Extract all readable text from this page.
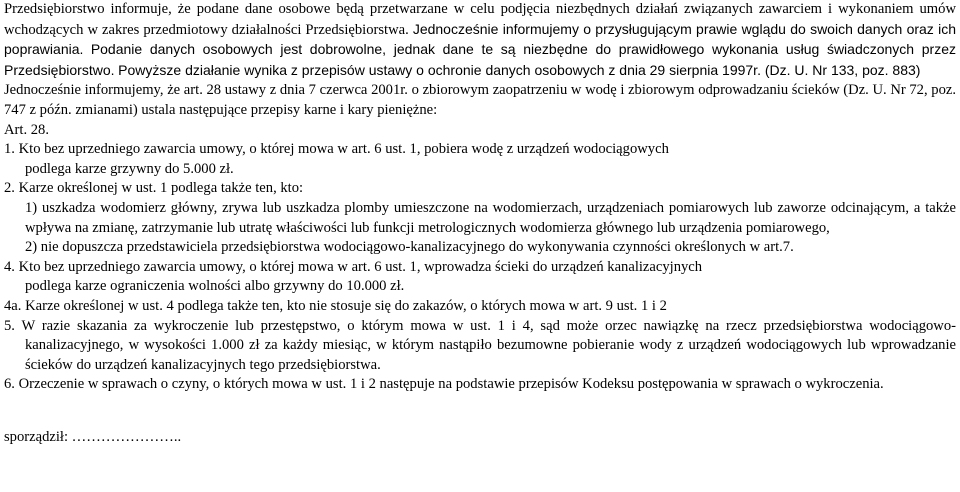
Przedsiębiorstwo informuje, że podane dane osobowe będą przetwarzane w celu podjęcia niezbędnych działań związanych zawarciem i wykonaniem umów wchodzących w zakres przedmiotowy działalności Przedsiębiorstwa. Jednocześnie informujemy o przysługującym prawie wglądu do swoich danych oraz ich poprawiania. Podanie danych osobowych jest dobrowolne, jednak dane te są niezbędne do prawidłowego wykonania usług świadczonych przez Przedsiębiorstwo. Powyższe działanie wynika z przepisów ustawy o ochronie danych osobowych z dnia 29 sierpnia 1997r. (Dz. U. Nr 133, poz. 883)

Jednocześnie informujemy, że art. 28 ustawy z dnia 7 czerwca 2001r. o zbiorowym zaopatrzeniu w wodę i zbiorowym odprowadzaniu ścieków (Dz. U. Nr 72, poz. 747 z późn. zmianami) ustala następujące przepisy karne i kary pieniężne:

Art. 28.

1. Kto bez uprzedniego zawarcia umowy, o której mowa w art. 6 ust. 1, pobiera wodę z urządzeń wodociągowych

podlega karze grzywny do 5.000 zł.

2. Karze określonej w ust. 1 podlega także ten, kto:

1) uszkadza wodomierz główny, zrywa lub uszkadza plomby umieszczone na wodomierzach, urządzeniach pomiarowych lub zaworze odcinającym, a także wpływa na zmianę, zatrzymanie lub utratę właściwości lub funkcji metrologicznych wodomierza głównego lub urządzenia pomiarowego,

2) nie dopuszcza przedstawiciela przedsiębiorstwa wodociągowo-kanalizacyjnego do wykonywania czynności określonych w art.7.

4. Kto bez uprzedniego zawarcia umowy, o której mowa w art. 6 ust. 1, wprowadza ścieki do urządzeń kanalizacyjnych

podlega karze ograniczenia wolności albo grzywny do 10.000 zł.

4a. Karze określonej w ust. 4 podlega także ten, kto nie stosuje się do zakazów, o których mowa w art. 9 ust. 1 i 2

5. W razie skazania za wykroczenie lub przestępstwo, o którym mowa w ust. 1 i 4, sąd może orzec nawiązkę na rzecz przedsiębiorstwa wodociągowo-kanalizacyjnego, w wysokości 1.000 zł za każdy miesiąc, w którym nastąpiło bezumowne pobieranie wody z urządzeń wodociągowych lub wprowadzanie ścieków do urządzeń kanalizacyjnych tego przedsiębiorstwa.

6. Orzeczenie w sprawach o czyny, o których mowa w ust. 1 i 2 następuje na podstawie przepisów Kodeksu postępowania w sprawach o wykroczenia.

sporządził: …………………..
